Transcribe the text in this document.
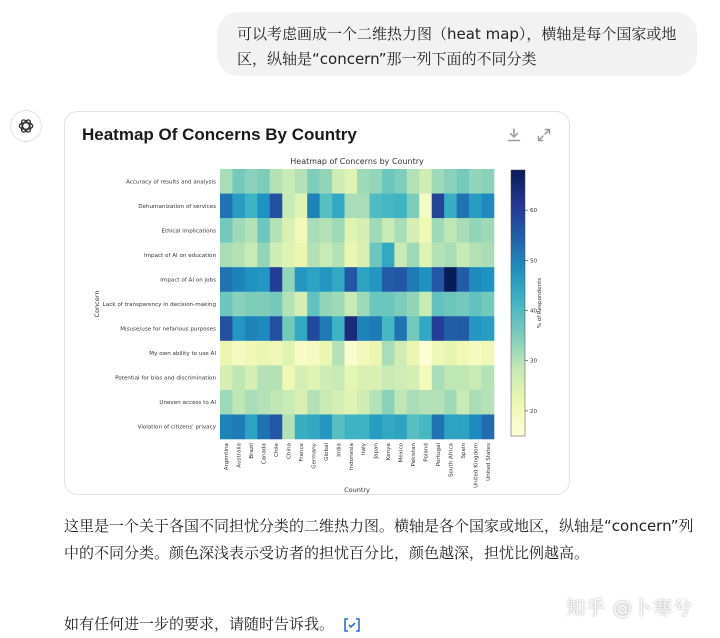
可以考虑画成一个二维热力图（heat map），横轴是每个国家或地区，纵轴是“concern”那一列下面的不同分类
Heatmap of Concerns by Country
Accuracy of results and analysis
Dehumanization of services
Ethical implications
Impact of AI on education
Impact of AI on jobs
Lack of transparency in decision-making
Misuse/use for nefarious purposes
My own ability to use AI
Potential for bias and discrimination
Uneven access to AI
Violation of citizens' privacy
Argentina Australia Brazil Canada Chile China France Germany Global India Indonesia Italy Japan Kenya Mexico Pakistan Poland Portugal South Africa Spain United Kingdom United States
Country
Concern
20
30
40
50
60
% of Respondents
Heatmap Of Concerns By Country

这里是一个关于各国不同担忧分类的二维热力图。横轴是各个国家或地区，纵轴是“concern”列中的不同分类。颜色深浅表示受访者的担忧百分比，颜色越深，担忧比例越高。

如有任何进一步的要求，请随时告诉我。

知乎 @卜寒兮
